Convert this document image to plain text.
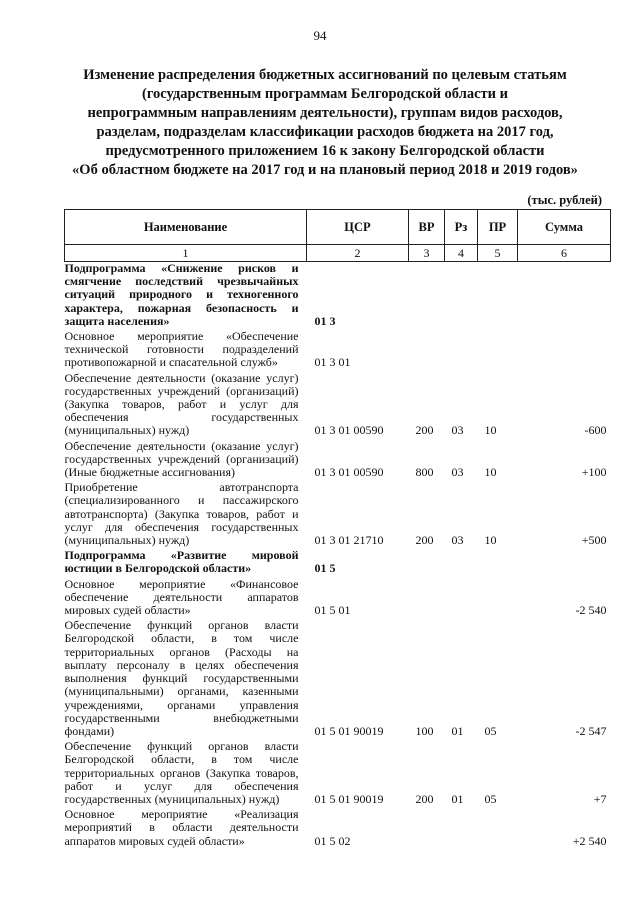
94
Изменение распределения бюджетных ассигнований по целевым статьям
(государственным программам Белгородской области и
непрограммным направлениям деятельности), группам видов расходов,
разделам, подразделам классификации расходов бюджета на 2017 год,
предусмотренного приложением 16 к закону Белгородской области
«Об областном бюджете на 2017 год и на плановый период 2018 и 2019 годов»
(тыс. рублей)
Наименование	ЦСР	ВР	Рз	ПР	Сумма
1	2	3	4	5	6
Подпрограмма «Снижение рисков и смягчение последствий чрезвычайных ситуаций природного и техногенного характера, пожарная безопасность и защита населения»	01 3				
Основное мероприятие «Обеспечение технической готовности подразделений противопожарной и спасательной служб»	01 3 01				
Обеспечение деятельности (оказание услуг) государственных учреждений (организаций) (Закупка товаров, работ и услуг для обеспечения государственных (муниципальных) нужд)	01 3 01 00590	200	03	10	-600
Обеспечение деятельности (оказание услуг) государственных учреждений (организаций) (Иные бюджетные ассигнования)	01 3 01 00590	800	03	10	+100
Приобретение автотранспорта (специализированного и пассажирского автотранспорта) (Закупка товаров, работ и услуг для обеспечения государственных (муниципальных) нужд)	01 3 01 21710	200	03	10	+500
Подпрограмма «Развитие мировой юстиции в Белгородской области»	01 5				
Основное мероприятие «Финансовое обеспечение деятельности аппаратов мировых судей области»	01 5 01				-2 540
Обеспечение функций органов власти Белгородской области, в том числе территориальных органов (Расходы на выплату персоналу в целях обеспечения выполнения функций государственными (муниципальными) органами, казенными учреждениями, органами управления государственными внебюджетными фондами)	01 5 01 90019	100	01	05	-2 547
Обеспечение функций органов власти Белгородской области, в том числе территориальных органов (Закупка товаров, работ и услуг для обеспечения государственных (муниципальных) нужд)	01 5 01 90019	200	01	05	+7
Основное мероприятие «Реализация мероприятий в области деятельности аппаратов мировых судей области»	01 5 02				+2 540
